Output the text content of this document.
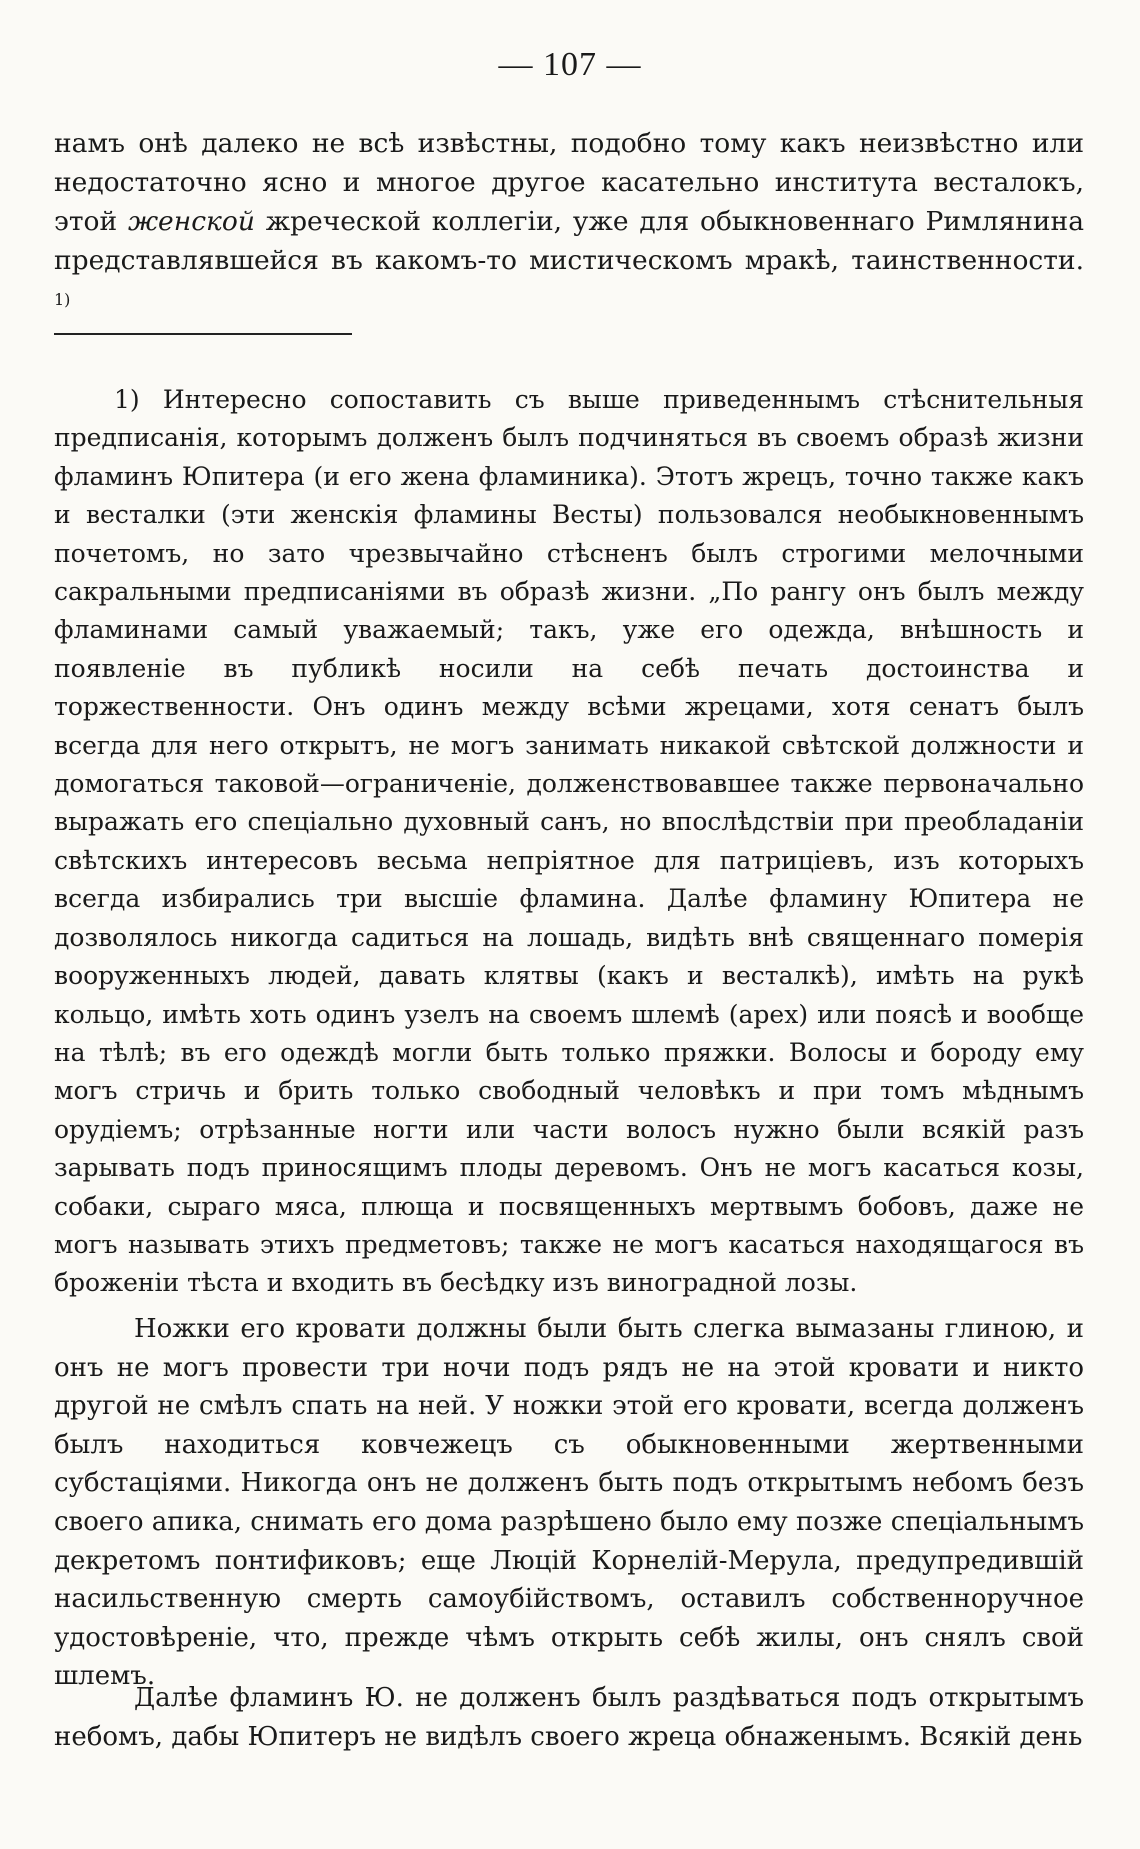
— 107 —

намъ онѣ далеко не всѣ извѣстны, подобно тому какъ неизвѣстно или недостаточно ясно и многое другое касательно института весталокъ, этой женской жреческой коллегіи, уже для обыкновеннаго Римлянина представлявшейся въ какомъ-то мистическомъ мракѣ, таинственности. $^{1)}$

1) Интересно сопоставить съ выше приведеннымъ стѣснительныя предписанія, которымъ долженъ былъ подчиняться въ своемъ образѣ жизни фламинъ Юпитера (и его жена фламиника). Этотъ жрецъ, точно также какъ и весталки (эти женскія фламины Весты) пользовался необыкновеннымъ почетомъ, но зато чрезвычайно стѣсненъ былъ строгими мелочными сакральными предписаніями въ образѣ жизни. „По рангу онъ былъ между фламинами самый уважаемый; такъ, уже его одежда, внѣшность и появленіе въ публикѣ носили на себѣ печать достоинства и торжественности. Онъ одинъ между всѣми жрецами, хотя сенатъ былъ всегда для него открытъ, не могъ занимать никакой свѣтской должности и домогаться таковой—ограниченіе, долженствовавшее также первоначально выражать его спеціально духовный санъ, но впослѣдствіи при преобладаніи свѣтскихъ интересовъ весьма непріятное для патриціевъ, изъ которыхъ всегда избирались три высшіе фламина. Далѣе фламину Юпитера не дозволялось никогда садиться на лошадь, видѣть внѣ священнаго померія вооруженныхъ людей, давать клятвы (какъ и весталкѣ), имѣть на рукѣ кольцо, имѣть хоть одинъ узелъ на своемъ шлемѣ (apex) или поясѣ и вообще на тѣлѣ; въ его одеждѣ могли быть только пряжки. Волосы и бороду ему могъ стричь и брить только свободный человѣкъ и при томъ мѣднымъ орудіемъ; отрѣзанные ногти или части волосъ нужно были всякій разъ зарывать подъ приносящимъ плоды деревомъ. Онъ не могъ касаться козы, собаки, сыраго мяса, плюща и посвященныхъ мертвымъ бобовъ, даже не могъ называть этихъ предметовъ; также не могъ касаться находящагося въ броженіи тѣста и входить въ бесѣдку изъ виноградной лозы.

Ножки его кровати должны были быть слегка вымазаны глиною, и онъ не могъ провести три ночи подъ рядъ не на этой кровати и никто другой не смѣлъ спать на ней. У ножки этой его кровати, всегда долженъ былъ находиться ковчежецъ съ обыкновенными жертвенными субстаціями. Никогда онъ не долженъ быть подъ открытымъ небомъ безъ своего апика, снимать его дома разрѣшено было ему позже спеціальнымъ декретомъ понтификовъ; еще Люцій Корнелій-Мерула, предупредившій насильственную смерть самоубійствомъ, оставилъ собственноручное удостовѣреніе, что, прежде чѣмъ открыть себѣ жилы, онъ снялъ свой шлемъ.

Далѣе фламинъ Ю. не долженъ былъ раздѣваться подъ открытымъ небомъ, дабы Юпитеръ не видѣлъ своего жреца обнаженымъ. Всякій день
